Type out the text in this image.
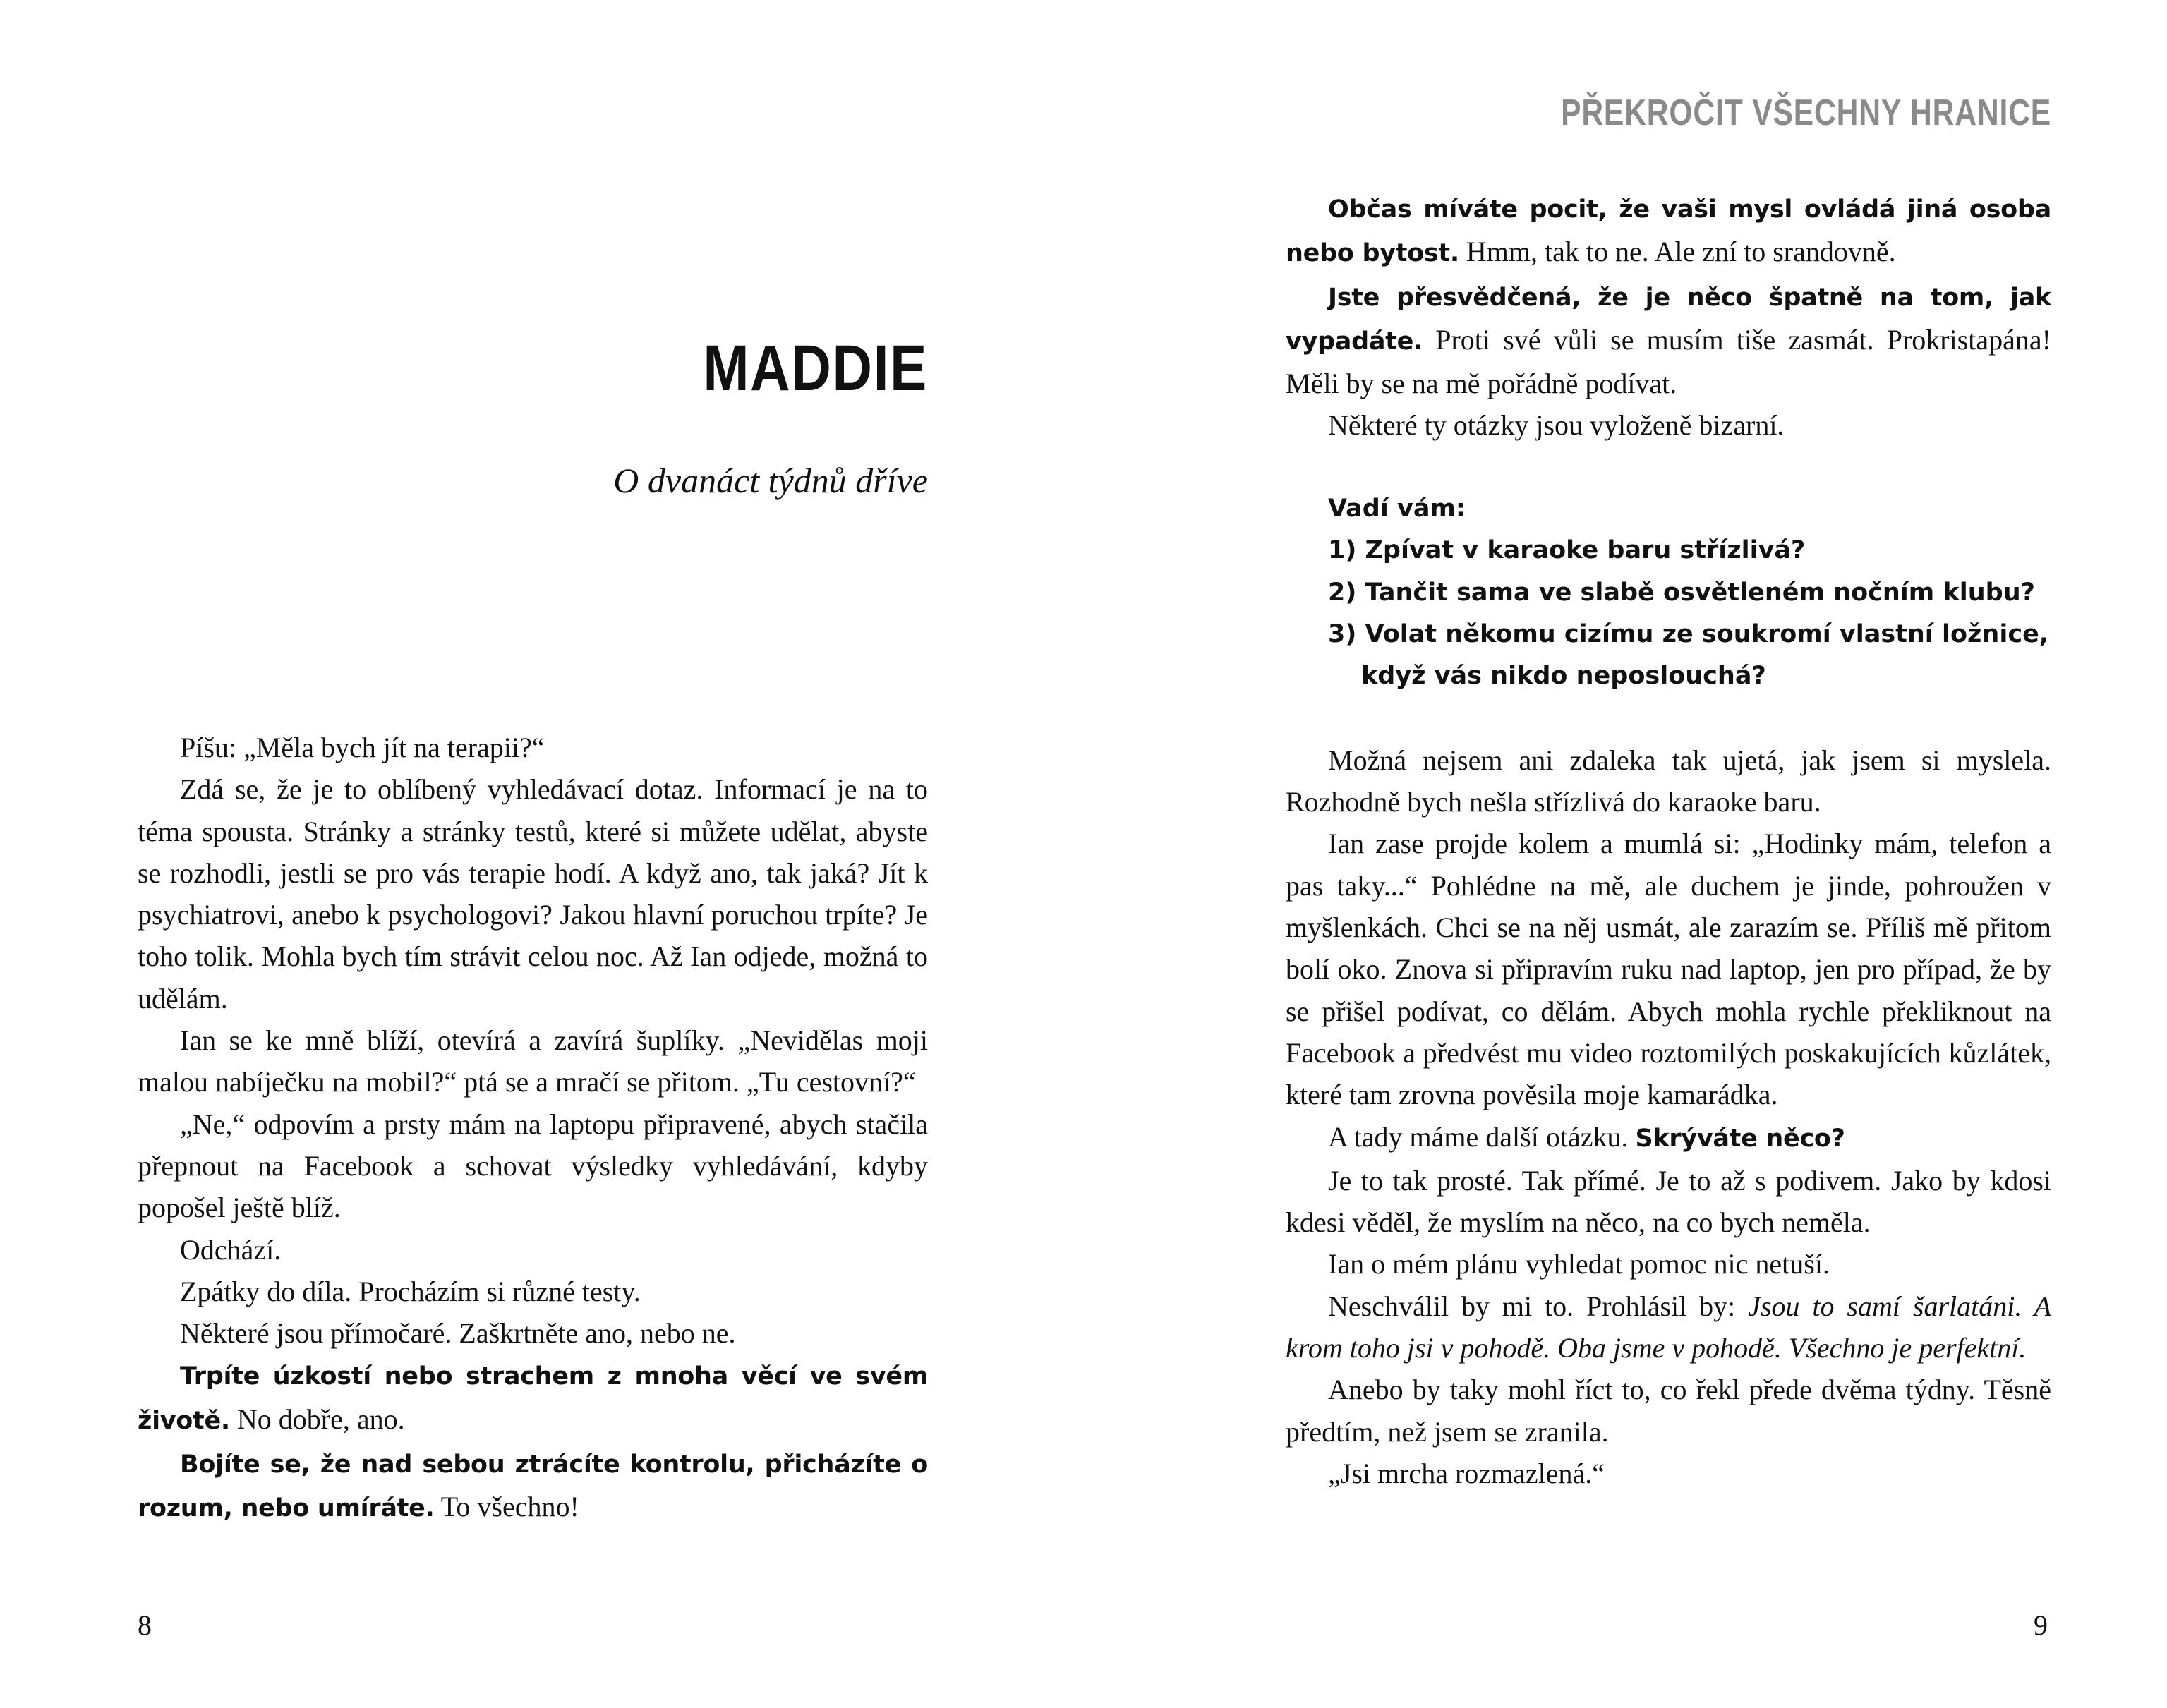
MADDIE
O dvanáct týdnů dříve

Píšu: „Měla bych jít na terapii?“

Zdá se, že je to oblíbený vyhledávací dotaz. Informací je na to téma spousta. Stránky a stránky testů, které si můžete udělat, abyste se rozhodli, jestli se pro vás terapie hodí. A když ano, tak jaká? Jít k psychiatrovi, anebo k psychologovi? Jakou hlavní poruchou trpíte? Je toho tolik. Mohla bych tím strávit celou noc. Až Ian odjede, možná to udělám.

Ian se ke mně blíží, otevírá a zavírá šuplíky. „Nevidělas moji malou nabíječku na mobil?“ ptá se a mračí se přitom. „Tu cestovní?“

„Ne,“ odpovím a prsty mám na laptopu připravené, abych stačila přepnout na Facebook a schovat výsledky vyhledávání, kdyby popošel ještě blíž.

Odchází.

Zpátky do díla. Procházím si různé testy.

Některé jsou přímočaré. Zaškrtněte ano, nebo ne.

Trpíte úzkostí nebo strachem z mnoha věcí ve svém životě. No dobře, ano.

Bojíte se, že nad sebou ztrácíte kontrolu, přicházíte o rozum, nebo umíráte. To všechno!

8
PŘEKROČIT VŠECHNY HRANICE

Občas míváte pocit, že vaši mysl ovládá jiná osoba nebo bytost. Hmm, tak to ne. Ale zní to srandovně.

Jste přesvědčená, že je něco špatně na tom, jak vypadáte. Proti své vůli se musím tiše zasmát. Prokristapána! Měli by se na mě pořádně podívat.

Některé ty otázky jsou vyloženě bizarní.

Vadí vám:
1) Zpívat v karaoke baru střízlivá?
2) Tančit sama ve slabě osvětleném nočním klubu?
3) Volat někomu cizímu ze soukromí vlastní ložnice,
když vás nikdo neposlouchá?

Možná nejsem ani zdaleka tak ujetá, jak jsem si myslela. Rozhodně bych nešla střízlivá do karaoke baru.

Ian zase projde kolem a mumlá si: „Hodinky mám, telefon a pas taky...“ Pohlédne na mě, ale duchem je jinde, pohroužen v myšlenkách. Chci se na něj usmát, ale zarazím se. Příliš mě přitom bolí oko. Znova si připravím ruku nad laptop, jen pro případ, že by se přišel podívat, co dělám. Abych mohla rychle překliknout na Facebook a předvést mu video roztomilých poskakujících kůzlátek, které tam zrovna pověsila moje kamarádka.

A tady máme další otázku. Skrýváte něco?

Je to tak prosté. Tak přímé. Je to až s podivem. Jako by kdosi kdesi věděl, že myslím na něco, na co bych neměla.

Ian o mém plánu vyhledat pomoc nic netuší.

Neschválil by mi to. Prohlásil by: Jsou to samí šarlatáni. A krom toho jsi v pohodě. Oba jsme v pohodě. Všechno je perfektní.

Anebo by taky mohl říct to, co řekl přede dvěma týdny. Těsně předtím, než jsem se zranila.

„Jsi mrcha rozmazlená.“

9
